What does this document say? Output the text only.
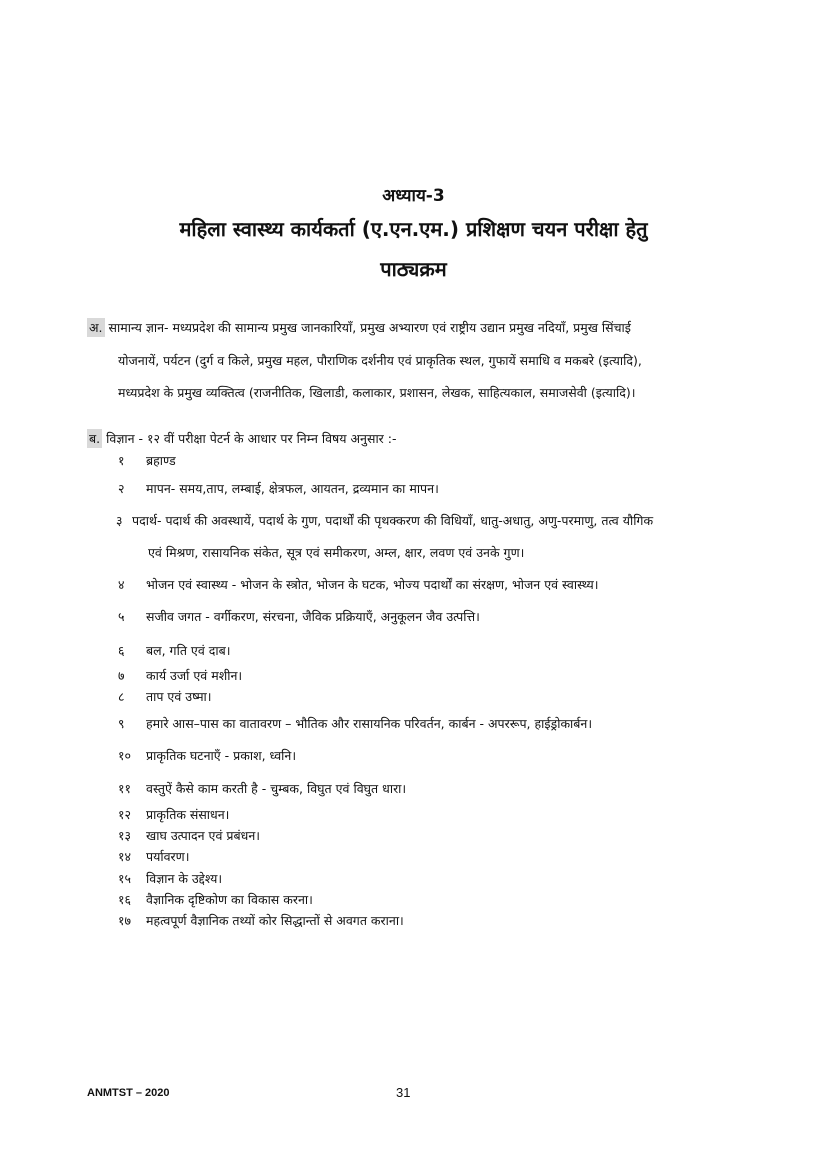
अध्याय-3
महिला स्वास्थ्य कार्यकर्ता (ए.एन.एम.) प्रशिक्षण चयन परीक्षा हेतु
पाठ्यक्रम
अ. सामान्य ज्ञान- मध्यप्रदेश की सामान्य प्रमुख जानकारियाँ, प्रमुख अभ्यारण एवं राष्ट्रीय उद्यान प्रमुख नदियाँ, प्रमुख सिंचाई
योजनायें, पर्यटन (दुर्ग व किले, प्रमुख महल, पौराणिक दर्शनीय एवं प्राकृतिक स्थल, गुफायें समाधि व मकबरे (इत्यादि),
मध्यप्रदेश के प्रमुख व्यक्तित्व (राजनीतिक, खिलाडी, कलाकार, प्रशासन, लेखक, साहित्यकाल, समाजसेवी (इत्यादि)।
ब. विज्ञान - १२ वीं परीक्षा पेटर्न के आधार पर निम्न विषय अनुसार :-
१ ब्रहाण्ड
२ मापन- समय,ताप, लम्बाई, क्षेत्रफल, आयतन, द्रव्यमान का मापन।
३ पदार्थ- पदार्थ की अवस्थायें, पदार्थ के गुण, पदार्थों की पृथक्करण की विधियाँ, धातु-अधातु, अणु-परमाणु, तत्व यौगिक
एवं मिश्रण, रासायनिक संकेत, सूत्र एवं समीकरण, अम्ल, क्षार, लवण एवं उनके गुण।
४ भोजन एवं स्वास्थ्य - भोजन के स्त्रोत, भोजन के घटक, भोज्य पदार्थों का संरक्षण, भोजन एवं स्वास्थ्य।
५ सजीव जगत - वर्गीकरण, संरचना, जैविक प्रक्रियाएँ, अनुकूलन जैव उत्पत्ति।
६ बल, गति एवं दाब।
७ कार्य उर्जा एवं मशीन।
८ ताप एवं उष्मा।
९ हमारे आस–पास का वातावरण – भौतिक और रासायनिक परिवर्तन, कार्बन - अपररूप, हाईड्रोकार्बन।
१० प्राकृतिक घटनाएँ - प्रकाश, ध्वनि।
११ वस्तुऐं कैसे काम करती है - चुम्बक, विघुत एवं विघुत धारा।
१२ प्राकृतिक संसाधन।
१३ खाघ उत्पादन एवं प्रबंधन।
१४ पर्यावरण।
१५ विज्ञान के उद्देश्य।
१६ वैज्ञानिक दृष्टिकोण का विकास करना।
१७ महत्वपूर्ण वैज्ञानिक तथ्यों कोर सिद्धान्तों से अवगत कराना।
ANMTST – 2020	31
